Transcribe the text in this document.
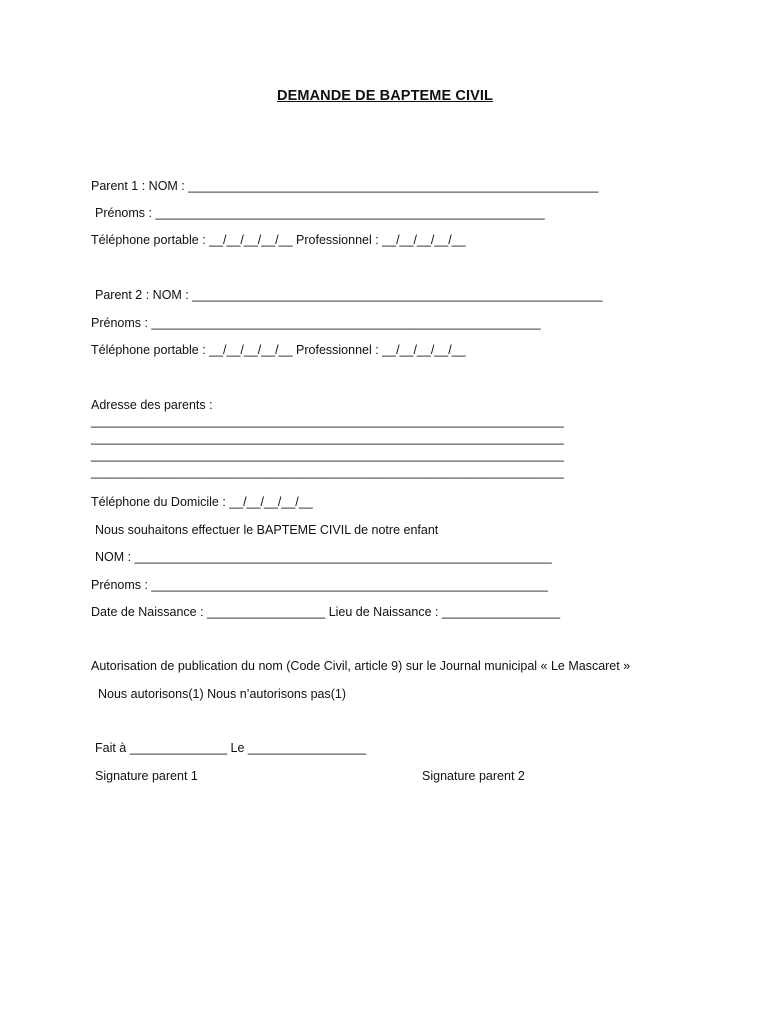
DEMANDE DE BAPTEME CIVIL
Parent 1 : NOM : ___________________________________________________________
Prénoms : ________________________________________________________
Téléphone portable : __/__/__/__/__ Professionnel : __/__/__/__/__
Parent 2 : NOM : ___________________________________________________________
Prénoms : ________________________________________________________
Téléphone portable : __/__/__/__/__ Professionnel : __/__/__/__/__
Adresse des parents :
____________________________________________________________________
____________________________________________________________________
____________________________________________________________________
____________________________________________________________________
Téléphone du Domicile : __/__/__/__/__
Nous souhaitons effectuer le BAPTEME CIVIL de notre enfant
NOM : ____________________________________________________________
Prénoms : _________________________________________________________
Date de Naissance : _________________ Lieu de Naissance : _________________
Autorisation de publication du nom (Code Civil, article 9) sur le Journal municipal « Le Mascaret »
Nous autorisons(1) Nous n’autorisons pas(1)
Fait à ______________ Le _________________
Signature parent 1	Signature parent 2
